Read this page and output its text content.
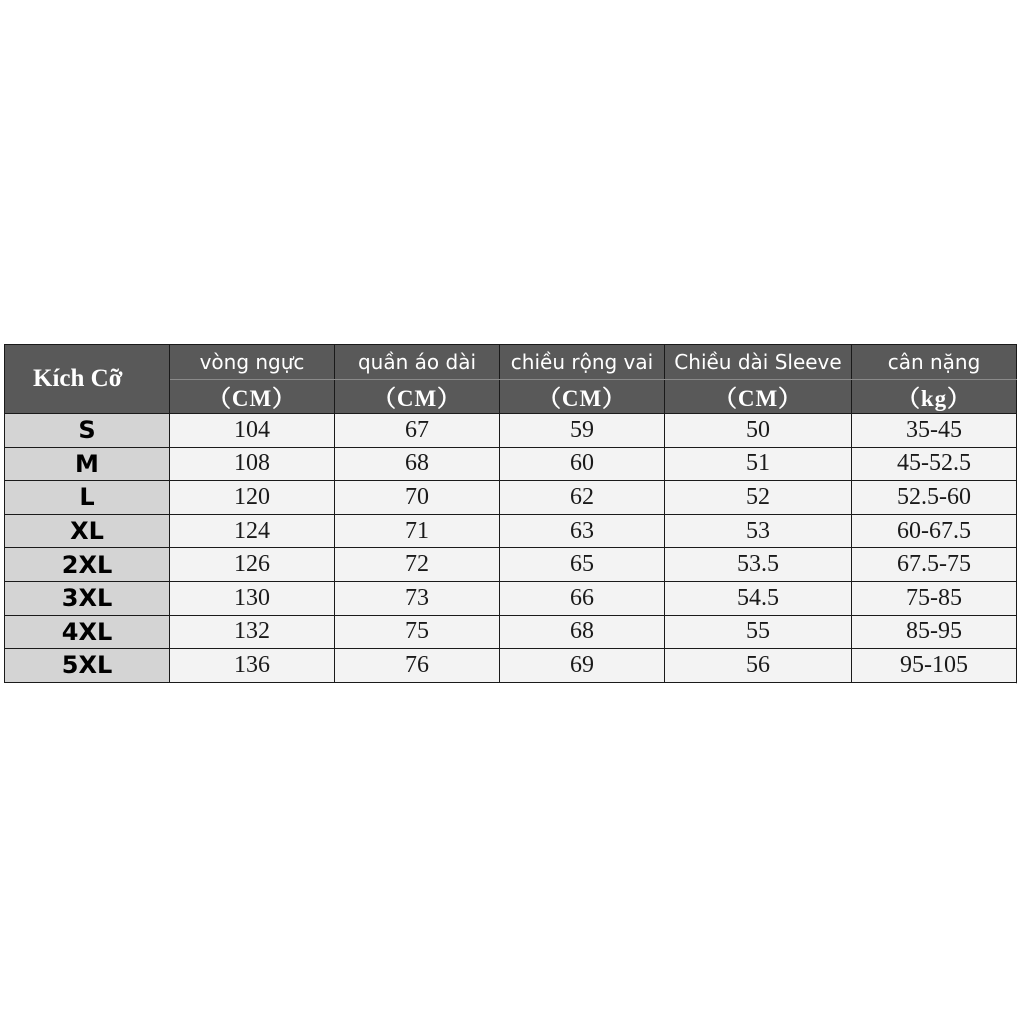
Kích Cỡ	vòng ngực	quần áo dài	chiều rộng vai	Chiều dài Sleeve	cân nặng
	（CM）	（CM）	（CM）	（CM）	（kg）
S	104	67	59	50	35-45
M	108	68	60	51	45-52.5
L	120	70	62	52	52.5-60
XL	124	71	63	53	60-67.5
2XL	126	72	65	53.5	67.5-75
3XL	130	73	66	54.5	75-85
4XL	132	75	68	55	85-95
5XL	136	76	69	56	95-105
